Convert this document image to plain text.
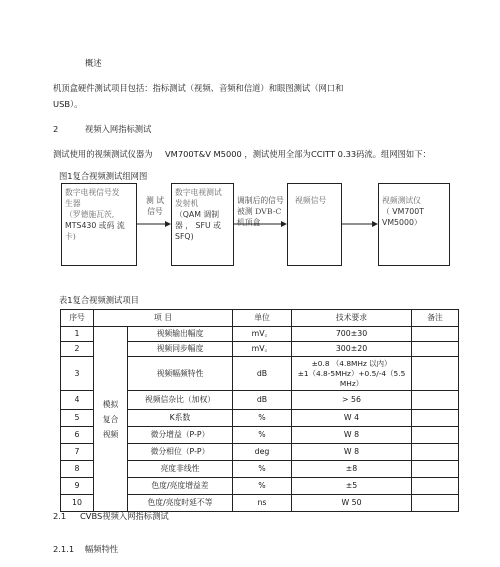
概述
机顶盒硬件测试项目包括：指标测试（视频、音频和信道）和眼图测试（网口和
USB）。
2	视频入网指标测试
测试使用的视频测试仪器为 VM700T&V M5000 ，测试使用全部为 CCITT 0.33码流。组网图如下：
图1复合视频测试组网图
数字电视信号发
生器
（罗德施瓦茨,
MTS430 或码 流
卡)
测 试
信号
数字电视测试
发射机
（QAM 调制
器 ， SFU 或
SFQ)
调制后的信号
被测 DVB-C
机顶盒
视频信号	视频测试仪
（ VM700T
VM5000）
表1复合视频测试项目
序号	项 目		单位	技术要求	备注
1	模拟
复合
视频	视频输出幅度	mV。	700±30	
2		视频同步幅度	mV。	300±20	
3		视频幅频特性	dB	±0.8 （4.8MHz 以内）
±1（4.8-5MHz）+0.5/-4（5.5
MHz）	
4		视频信杂比（加权）	dB	> 56	
5		K系数	%	W 4	
6		微分增益（P-P）	%	W 8	
7		微分相位（P-P）	deg	W 8	
8		亮度非线性	%	±8	
9		色度/亮度增益差	%	±5	
10		色度/亮度时延不等	ns	W 50	
2.1 CVBS视频入网指标测试
2.1.1 幅频特性
